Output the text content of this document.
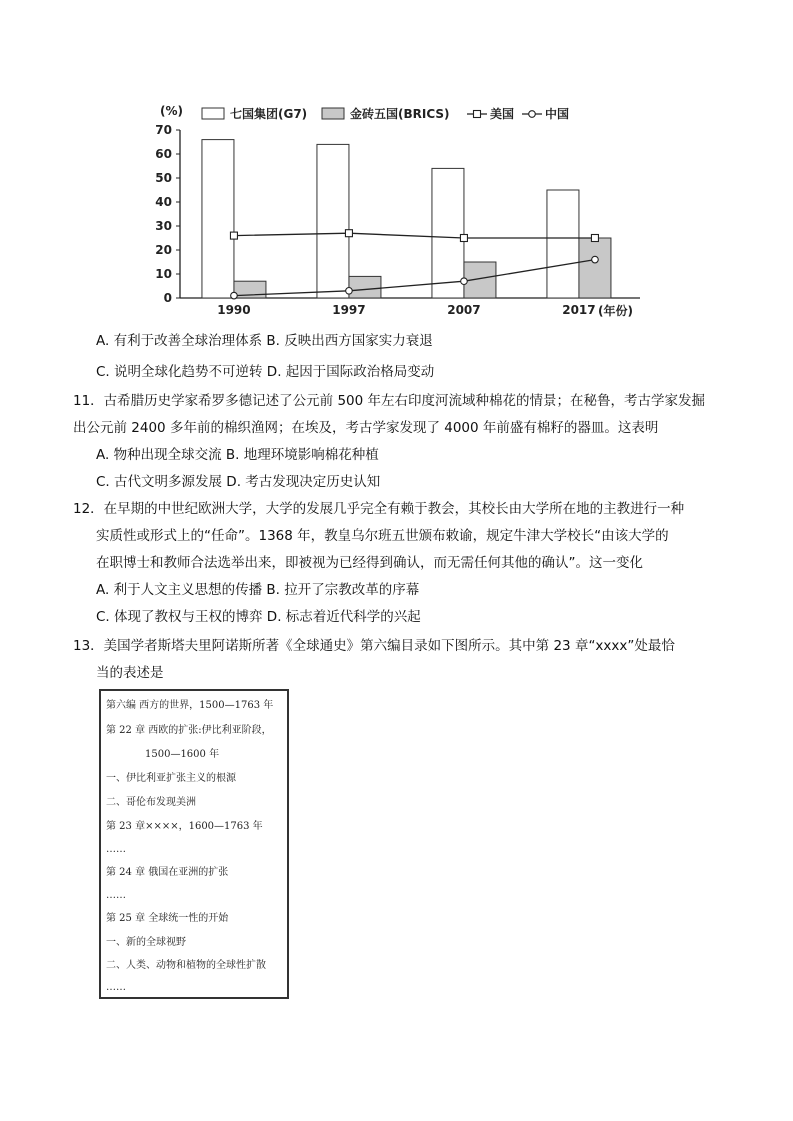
(%)	七国集团(G7)	金砖五国(BRICS)	美国	中国
0
10
20
30
40
50
60
70
1990	1997	2007	2017 (年份)
A. 有利于改善全球治理体系 B. 反映出西方国家实力衰退
C. 说明全球化趋势不可逆转 D. 起因于国际政治格局变动
11．古希腊历史学家希罗多德记述了公元前 500 年左右印度河流域种棉花的情景；在秘鲁，考古学家发掘
出公元前 2400 多年前的棉织渔网；在埃及，考古学家发现了 4000 年前盛有棉籽的器皿。这表明
A. 物种出现全球交流 B. 地理环境影响棉花种植
C. 古代文明多源发展 D. 考古发现决定历史认知
12．在早期的中世纪欧洲大学，大学的发展几乎完全有赖于教会，其校长由大学所在地的主教进行一种
实质性或形式上的“任命”。1368 年，教皇乌尔班五世颁布敕谕，规定牛津大学校长“由该大学的
在职博士和教师合法选举出来，即被视为已经得到确认，而无需任何其他的确认”。这一变化
A. 利于人文主义思想的传播 B. 拉开了宗教改革的序幕
C. 体现了教权与王权的博弈 D. 标志着近代科学的兴起
13．美国学者斯塔夫里阿诺斯所著《全球通史》第六编目录如下图所示。其中第 23 章“xxxx”处最恰
当的表述是
第六编 西方的世界，1500—1763 年
第 22 章 西欧的扩张:伊比利亚阶段，
1500—1600 年
一、伊比利亚扩张主义的根源
二、哥伦布发现美洲
第 23 章××××，1600—1763 年
……
第 24 章 俄国在亚洲的扩张
……
第 25 章 全球统一性的开始
一、新的全球视野
二、人类、动物和植物的全球性扩散
……
